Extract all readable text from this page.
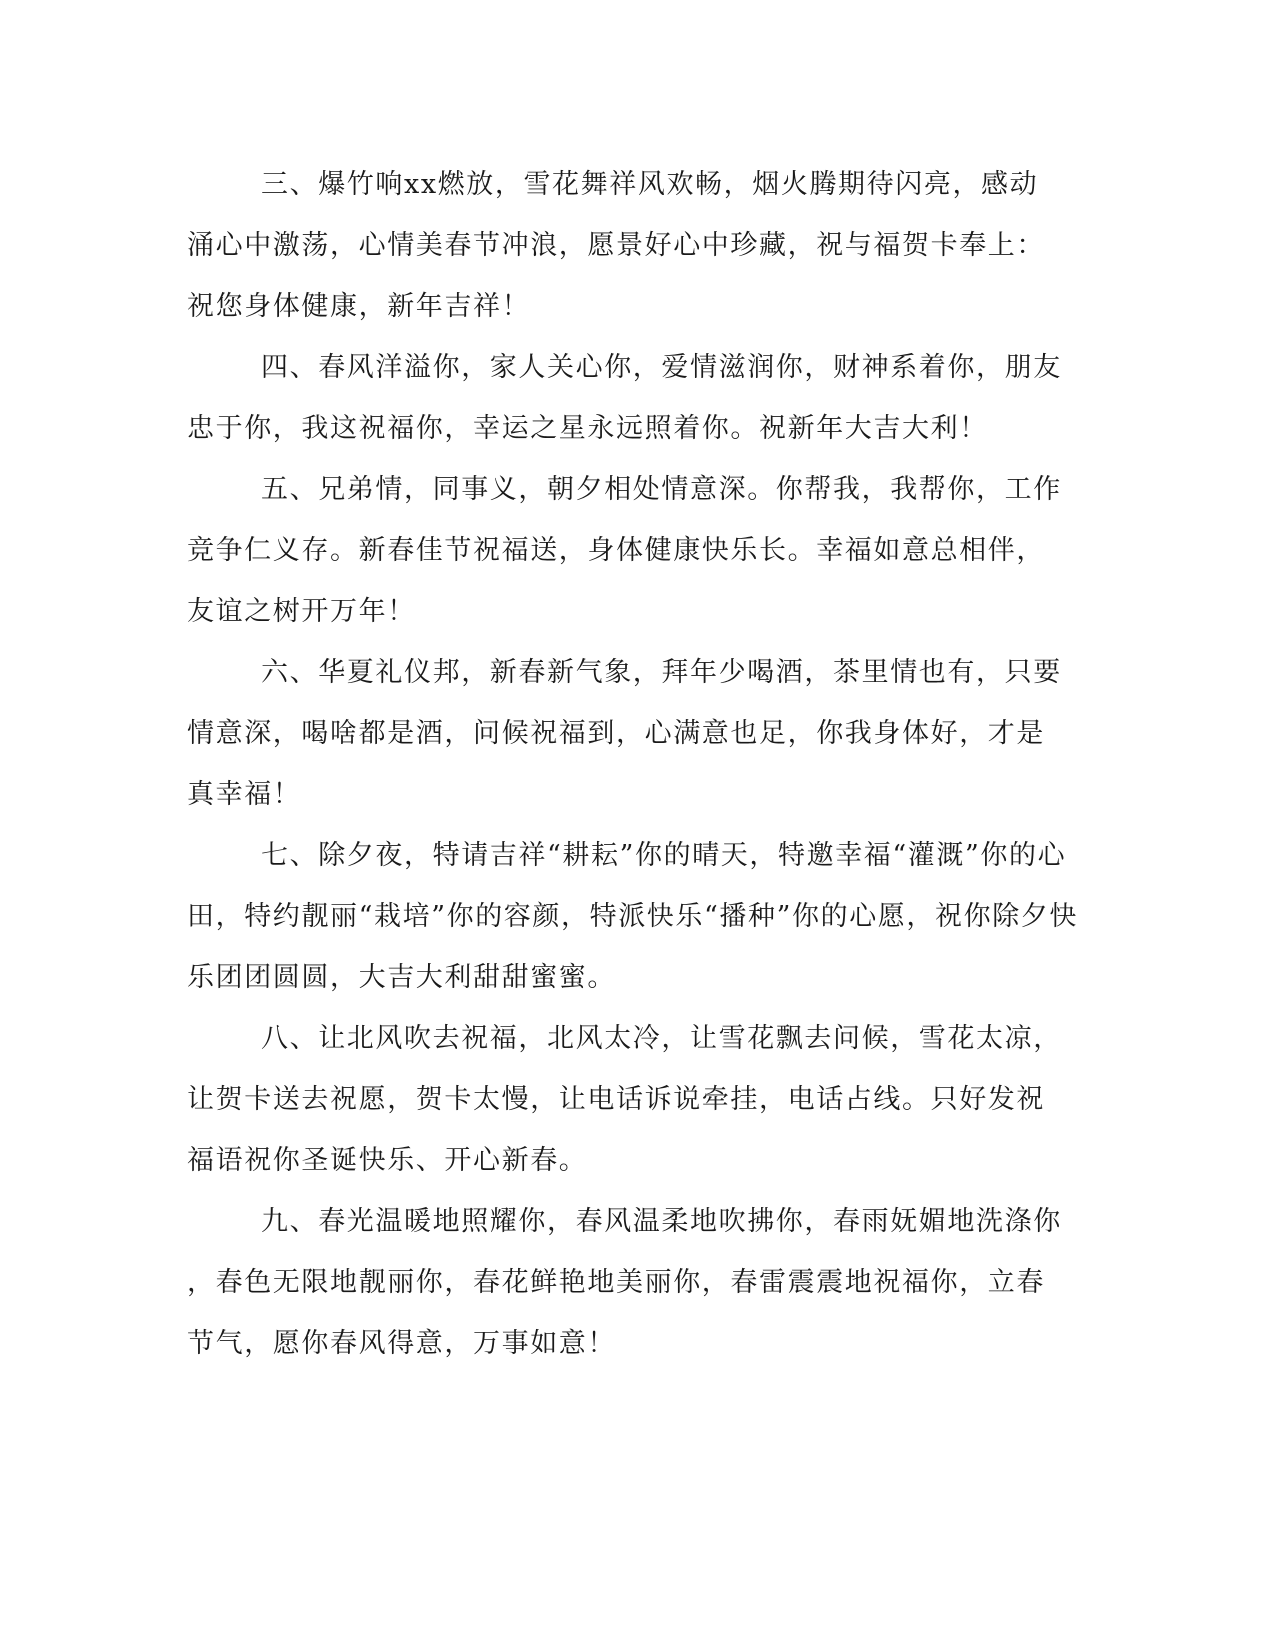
三、爆竹响xx燃放，雪花舞祥风欢畅，烟火腾期待闪亮，感动
涌心中激荡，心情美春节冲浪，愿景好心中珍藏，祝与福贺卡奉上：
祝您身体健康，新年吉祥！
四、春风洋溢你，家人关心你，爱情滋润你，财神系着你，朋友
忠于你，我这祝福你，幸运之星永远照着你。祝新年大吉大利！
五、兄弟情，同事义，朝夕相处情意深。你帮我，我帮你，工作
竞争仁义存。新春佳节祝福送，身体健康快乐长。幸福如意总相伴，
友谊之树开万年！
六、华夏礼仪邦，新春新气象，拜年少喝酒，茶里情也有，只要
情意深，喝啥都是酒，问候祝福到，心满意也足，你我身体好，才是
真幸福！
七、除夕夜，特请吉祥“耕耘”你的晴天，特邀幸福“灌溉”你的心
田，特约靓丽“栽培”你的容颜，特派快乐“播种”你的心愿，祝你除夕快
乐团团圆圆，大吉大利甜甜蜜蜜。
八、让北风吹去祝福，北风太冷，让雪花飘去问候，雪花太凉，
让贺卡送去祝愿，贺卡太慢，让电话诉说牵挂，电话占线。只好发祝
福语祝你圣诞快乐、开心新春。
九、春光温暖地照耀你，春风温柔地吹拂你，春雨妩媚地洗涤你
，春色无限地靓丽你，春花鲜艳地美丽你，春雷震震地祝福你，立春
节气，愿你春风得意，万事如意！
